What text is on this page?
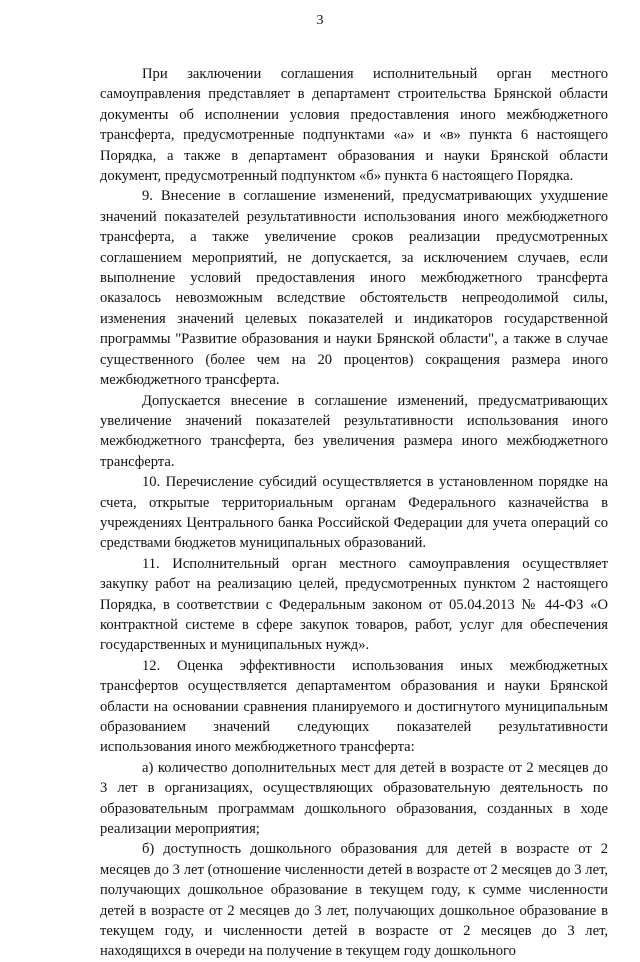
3

При заключении соглашения исполнительный орган местного самоуправления представляет в департамент строительства Брянской области документы об исполнении условия предоставления иного межбюджетного трансферта, предусмотренные подпунктами «а» и «в» пункта 6 настоящего Порядка, а также в департамент образования и науки Брянской области документ, предусмотренный подпунктом «б» пункта 6 настоящего Порядка.

9. Внесение в соглашение изменений, предусматривающих ухудшение значений показателей результативности использования иного межбюджетного трансферта, а также увеличение сроков реализации предусмотренных соглашением мероприятий, не допускается, за исключением случаев, если выполнение условий предоставления иного межбюджетного трансферта оказалось невозможным вследствие обстоятельств непреодолимой силы, изменения значений целевых показателей и индикаторов государственной программы "Развитие образования и науки Брянской области", а также в случае существенного (более чем на 20 процентов) сокращения размера иного межбюджетного трансферта.

Допускается внесение в соглашение изменений, предусматривающих увеличение значений показателей результативности использования иного межбюджетного трансферта, без увеличения размера иного межбюджетного трансферта.

10. Перечисление субсидий осуществляется в установленном порядке на счета, открытые территориальным органам Федерального казначейства в учреждениях Центрального банка Российской Федерации для учета операций со средствами бюджетов муниципальных образований.

11. Исполнительный орган местного самоуправления осуществляет закупку работ на реализацию целей, предусмотренных пунктом 2 настоящего Порядка, в соответствии с Федеральным законом от 05.04.2013 № 44-ФЗ «О контрактной системе в сфере закупок товаров, работ, услуг для обеспечения государственных и муниципальных нужд».

12. Оценка эффективности использования иных межбюджетных трансфертов осуществляется департаментом образования и науки Брянской области на основании сравнения планируемого и достигнутого муниципальным образованием значений следующих показателей результативности использования иного межбюджетного трансферта:

а) количество дополнительных мест для детей в возрасте от 2 месяцев до 3 лет в организациях, осуществляющих образовательную деятельность по образовательным программам дошкольного образования, созданных в ходе реализации мероприятия;

б) доступность дошкольного образования для детей в возрасте от 2 месяцев до 3 лет (отношение численности детей в возрасте от 2 месяцев до 3 лет, получающих дошкольное образование в текущем году, к сумме численности детей в возрасте от 2 месяцев до 3 лет, получающих дошкольное образование в текущем году, и численности детей в возрасте от 2 месяцев до 3 лет, находящихся в очереди на получение в текущем году дошкольного
